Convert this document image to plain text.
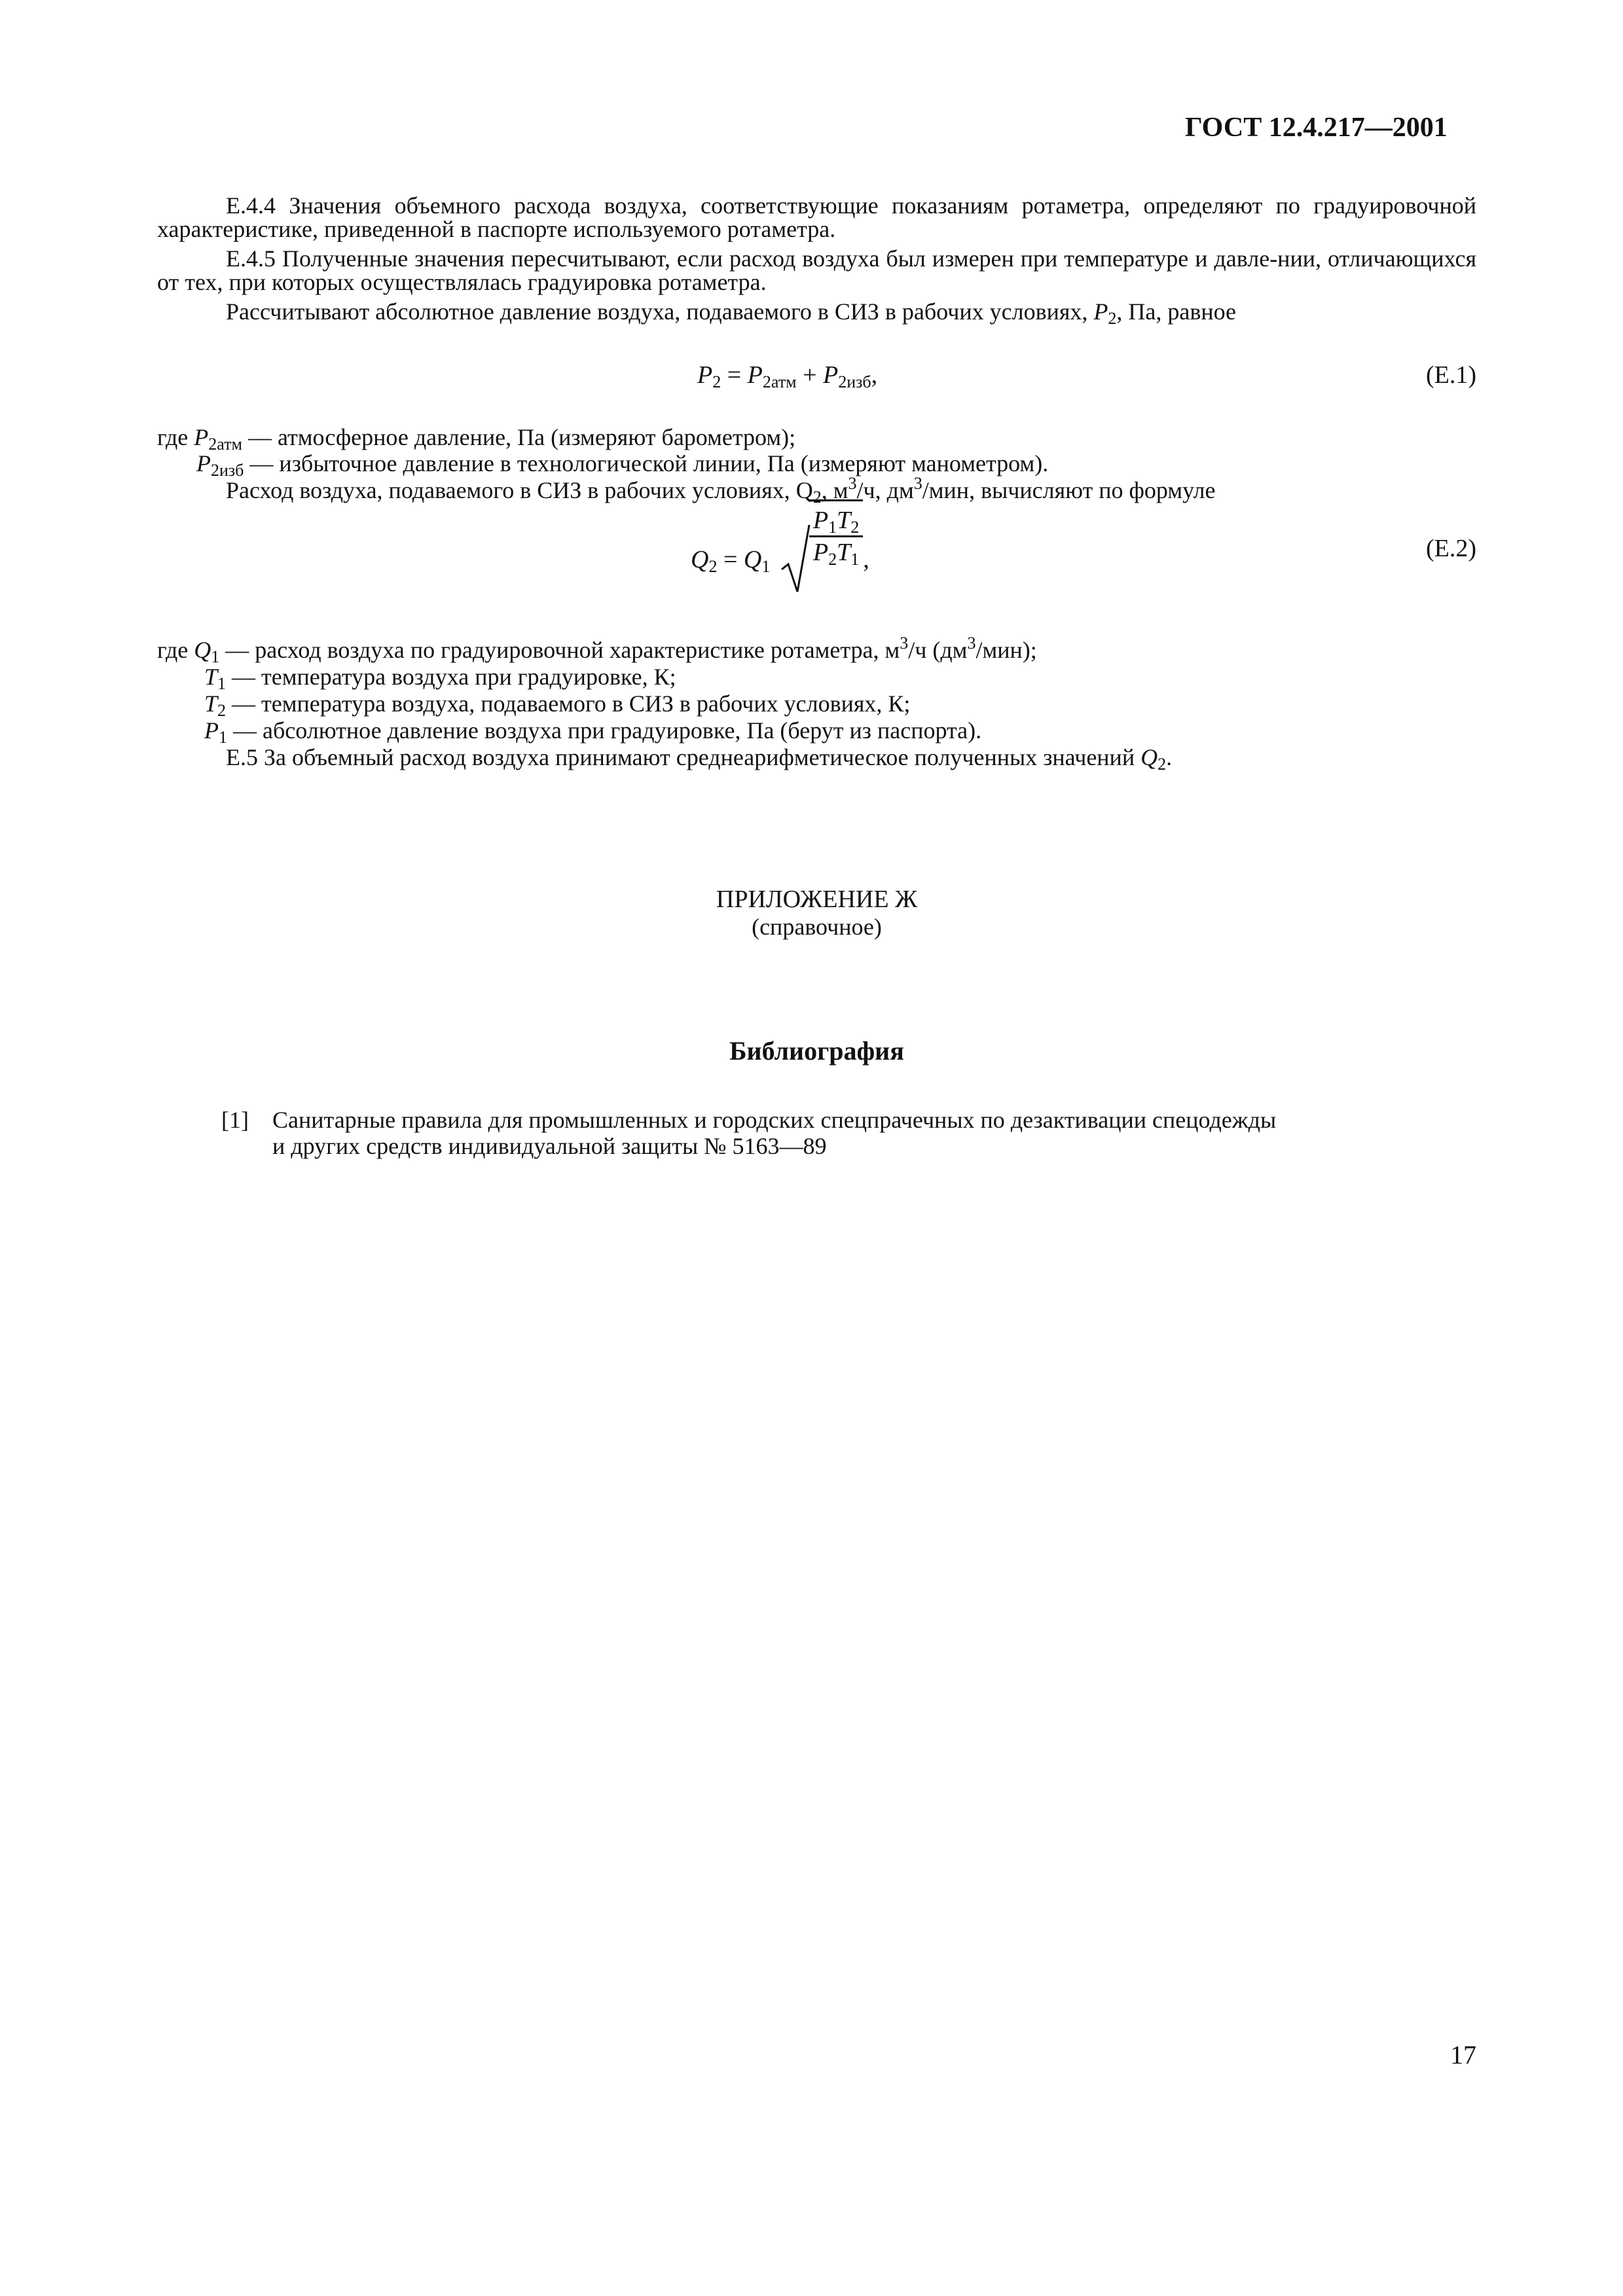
ГОСТ 12.4.217—2001
Е.4.4 Значения объемного расхода воздуха, соответствующие показаниям ротаметра, определяют по градуировочной характеристике, приведенной в паспорте используемого ротаметра.
Е.4.5 Полученные значения пересчитывают, если расход воздуха был измерен при температуре и давле-нии, отличающихся от тех, при которых осуществлялась градуировка ротаметра.
Рассчитывают абсолютное давление воздуха, подаваемого в СИЗ в рабочих условиях, $P_2$, Па, равное
$P_2 = P_{2атм} + P_{2изб}$,	(Е.1)
где $P_{2атм}$ — атмосферное давление, Па (измеряют барометром);
$P_{2изб}$ — избыточное давление в технологической линии, Па (измеряют манометром).
Расход воздуха, подаваемого в СИЗ в рабочих условиях, $Q_2$, $м^3/ч$, $дм^3$/мин, вычисляют по формуле
$Q_2 = Q_1$
$\frac{P_1T_2}{P_2T_1}$ ,	(Е.2)
где $Q_1$ — расход воздуха по градуировочной характеристике ротаметра, $м^3/ч$ $(дм^3/мин)$;
$T_1$ — температура воздуха при градуировке, К;
$T_2$ — температура воздуха, подаваемого в СИЗ в рабочих условиях, К;
$P_1$ — абсолютное давление воздуха при градуировке, Па (берут из паспорта).
Е.5 За объемный расход воздуха принимают среднеарифметическое полученных значений $Q_2$.
ПРИЛОЖЕНИЕ Ж
(справочное)
Библиография
[1] Санитарные правила для промышленных и городских спецпрачечных по дезактивации спецодежды
и других средств индивидуальной защиты № 5163—89
17
